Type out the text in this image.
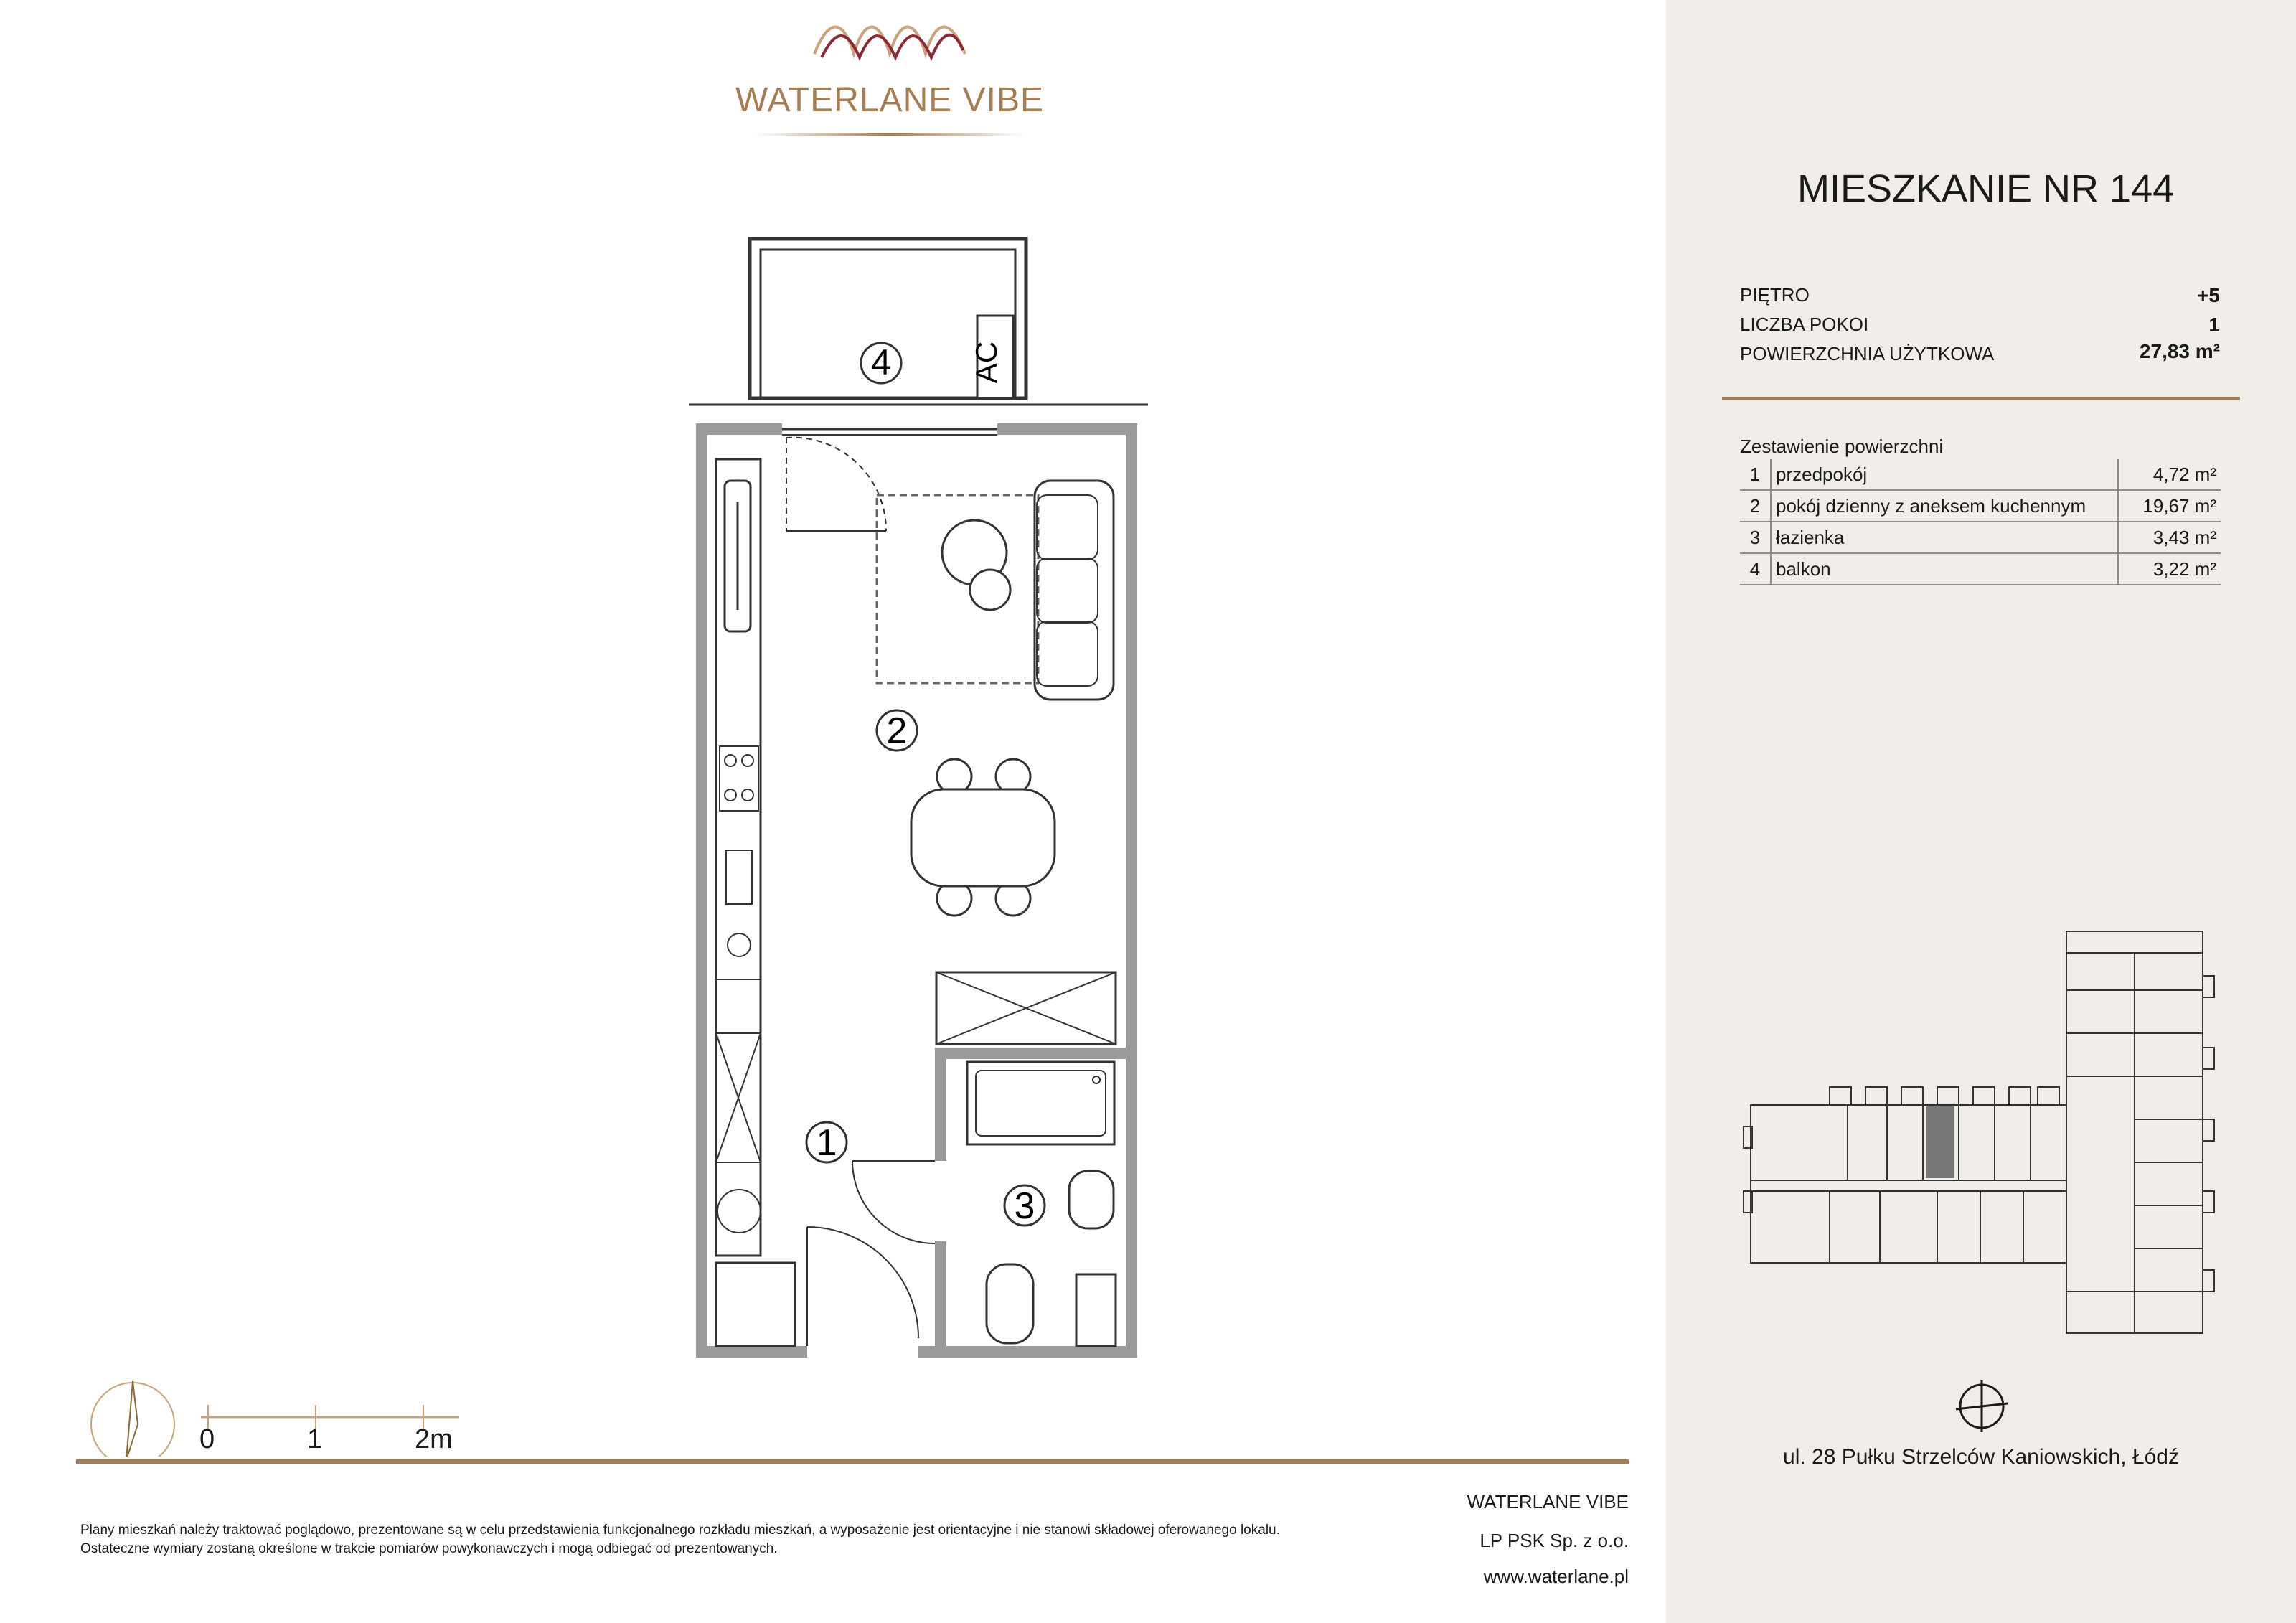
WATERLANE VIBE
MIESZKANIE NR 144
PIĘTRO	+5
LICZBA POKOI	1
POWIERZCHNIA UŻYTKOWA	27,83 m²
Zestawienie powierzchni
1	przedpokój	4,72 m²
2	pokój dzienny z aneksem kuchennym	19,67 m²
3	łazienka	3,43 m²
4	balkon	3,22 m²
AC
4
2
3
1
0	1	2m
ul. 28 Pułku Strzelców Kaniowskich, Łódź
Plany mieszkań należy traktować poglądowo, prezentowane są w celu przedstawienia funkcjonalnego rozkładu mieszkań, a wyposażenie jest orientacyjne i nie stanowi składowej oferowanego lokalu.
Ostateczne wymiary zostaną określone w trakcie pomiarów powykonawczych i mogą odbiegać od prezentowanych.
WATERLANE VIBE
LP PSK Sp. z o.o.
www.waterlane.pl
